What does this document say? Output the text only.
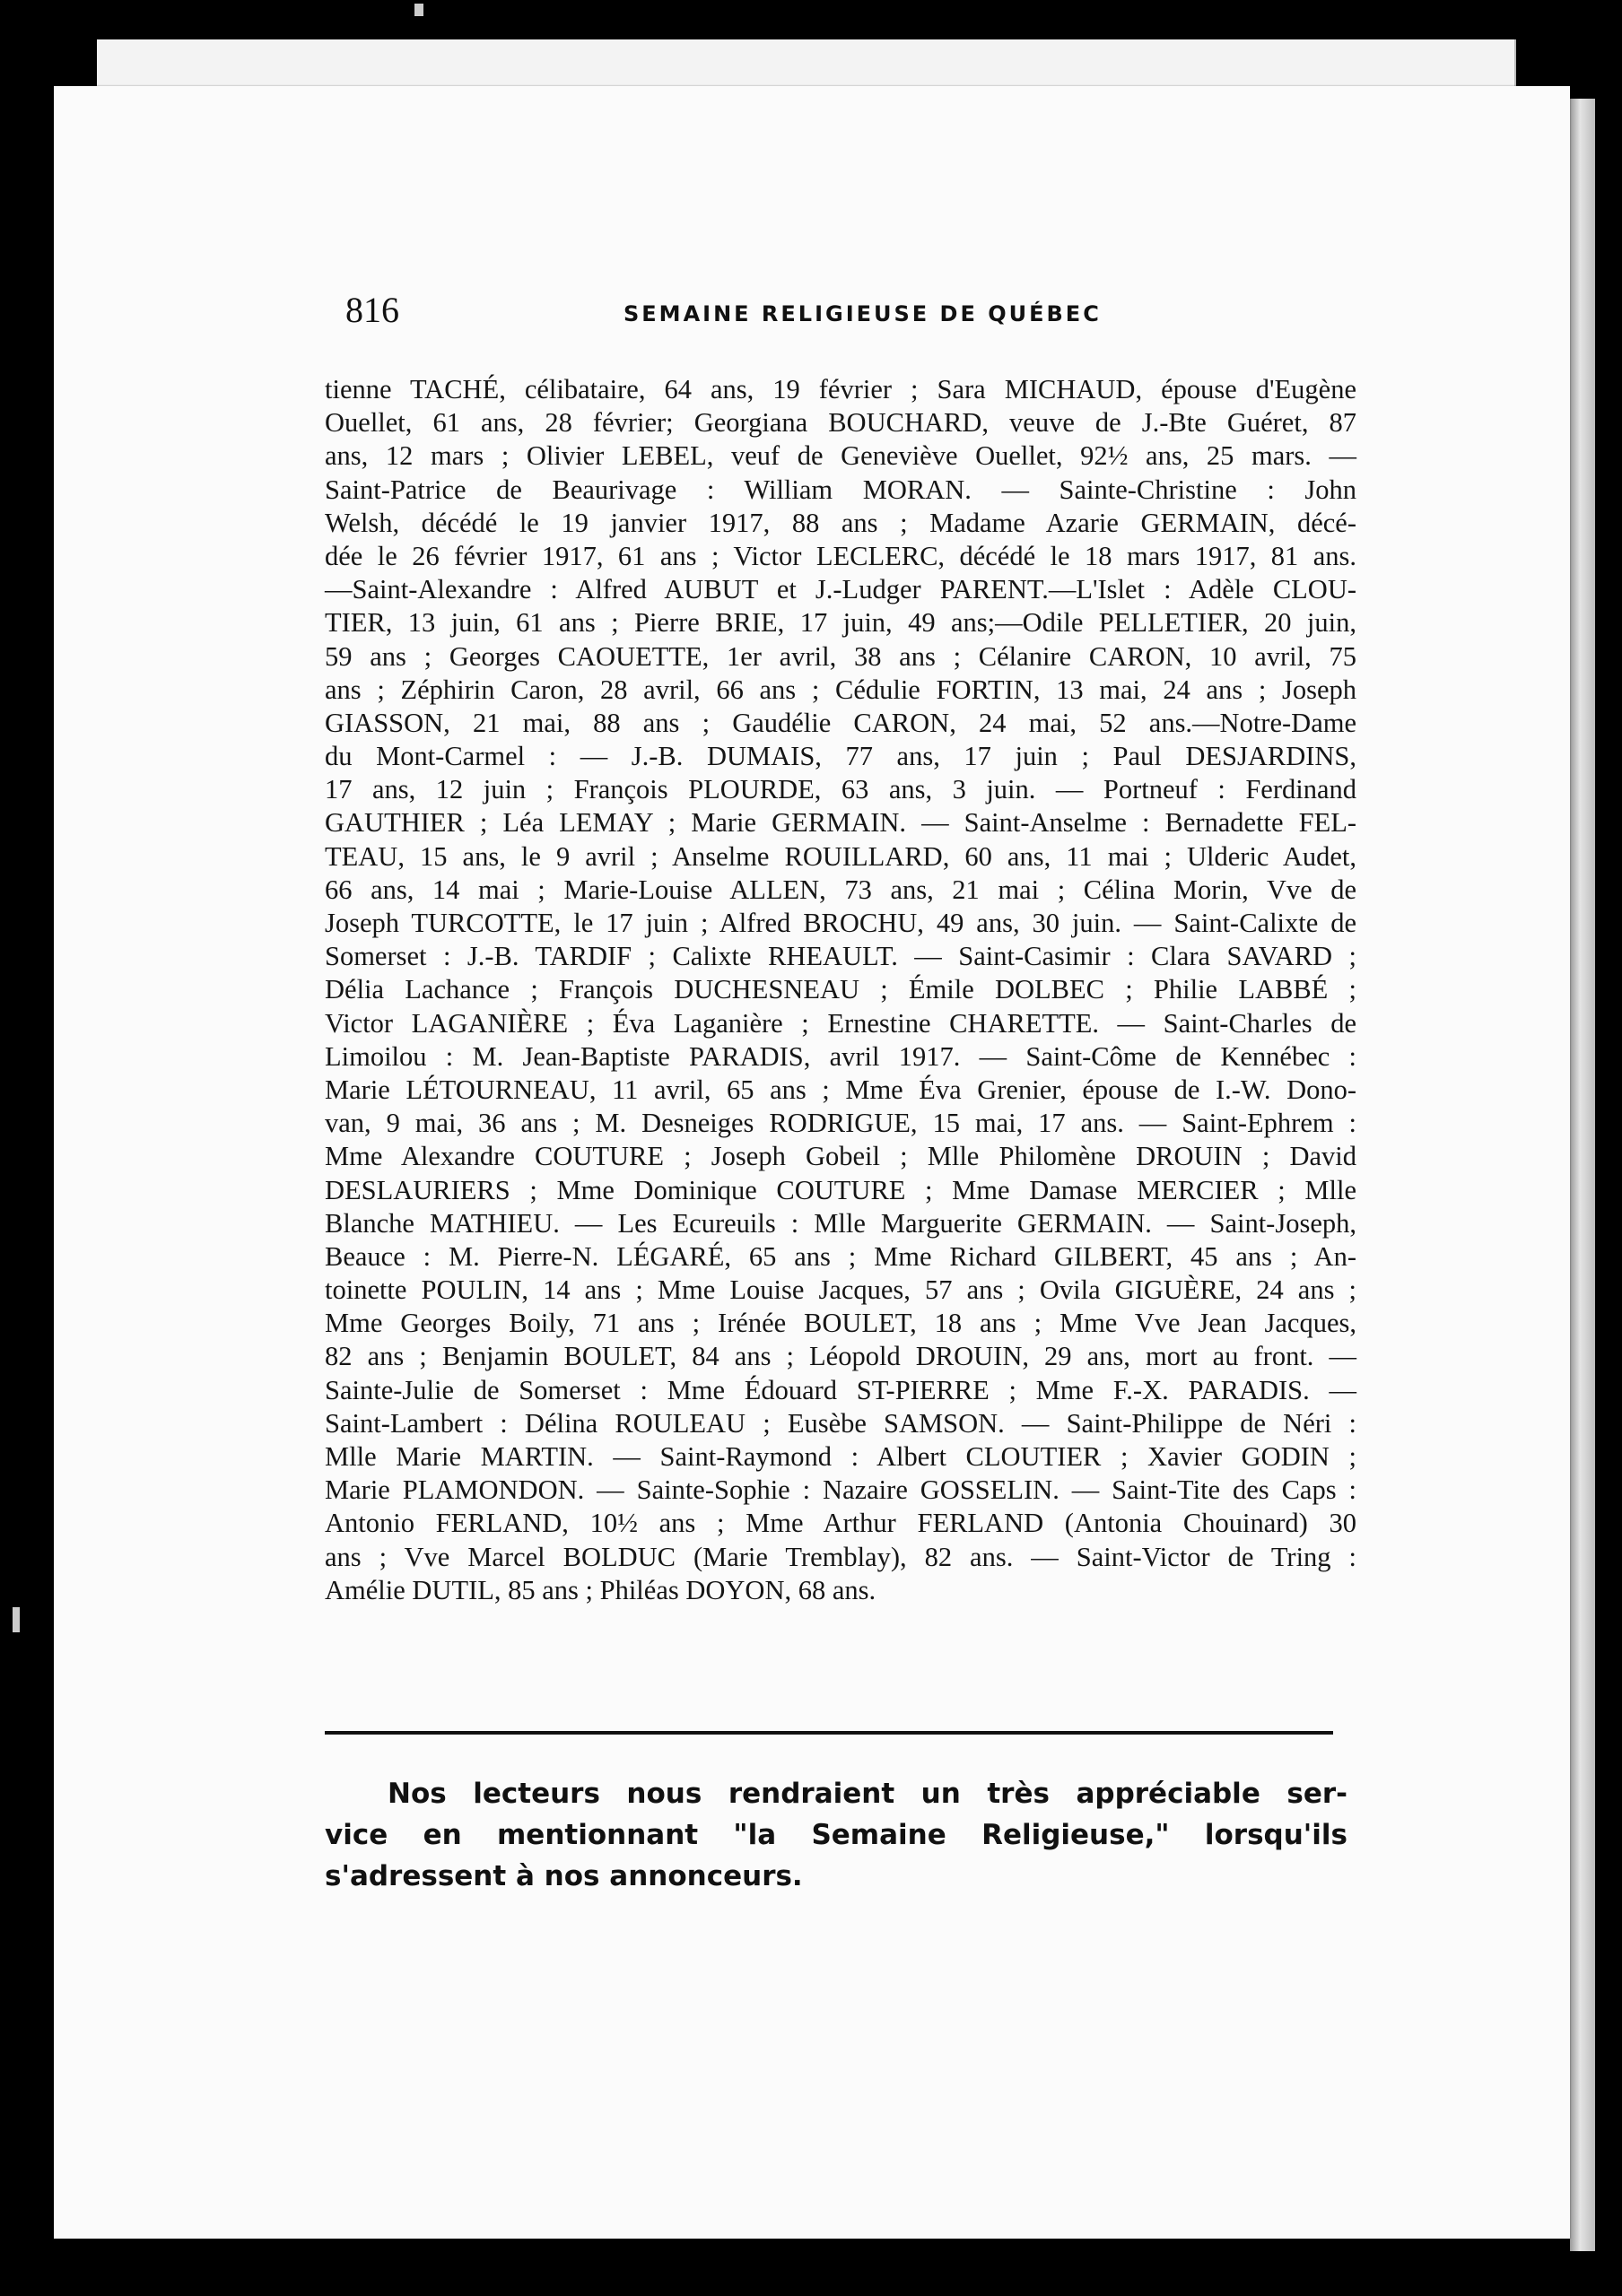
816	SEMAINE RELIGIEUSE DE QUÉBEC
tienne TACHÉ, célibataire, 64 ans, 19 février ; Sara MICHAUD, épouse d'Eugène
Ouellet, 61 ans, 28 février; Georgiana BOUCHARD, veuve de J.-Bte Guéret, 87
ans, 12 mars ; Olivier LEBEL, veuf de Geneviève Ouellet, 92½ ans, 25 mars. —
Saint-Patrice de Beaurivage : William MORAN. — Sainte-Christine : John
Welsh, décédé le 19 janvier 1917, 88 ans ; Madame Azarie GERMAIN, décé-
dée le 26 février 1917, 61 ans ; Victor LECLERC, décédé le 18 mars 1917, 81 ans.
—Saint-Alexandre : Alfred AUBUT et J.-Ludger PARENT.—L'Islet : Adèle CLOU-
TIER, 13 juin, 61 ans ; Pierre BRIE, 17 juin, 49 ans;—Odile PELLETIER, 20 juin,
59 ans ; Georges CAOUETTE, 1er avril, 38 ans ; Célanire CARON, 10 avril, 75
ans ; Zéphirin Caron, 28 avril, 66 ans ; Cédulie FORTIN, 13 mai, 24 ans ; Joseph
GIASSON, 21 mai, 88 ans ; Gaudélie CARON, 24 mai, 52 ans.—Notre-Dame
du Mont-Carmel : — J.-B. DUMAIS, 77 ans, 17 juin ; Paul DESJARDINS,
17 ans, 12 juin ; François PLOURDE, 63 ans, 3 juin. — Portneuf : Ferdinand
GAUTHIER ; Léa LEMAY ; Marie GERMAIN. — Saint-Anselme : Bernadette FEL-
TEAU, 15 ans, le 9 avril ; Anselme ROUILLARD, 60 ans, 11 mai ; Ulderic Audet,
66 ans, 14 mai ; Marie-Louise ALLEN, 73 ans, 21 mai ; Célina Morin, Vve de
Joseph TURCOTTE, le 17 juin ; Alfred BROCHU, 49 ans, 30 juin. — Saint-Calixte de
Somerset : J.-B. TARDIF ; Calixte RHEAULT. — Saint-Casimir : Clara SAVARD ;
Délia Lachance ; François DUCHESNEAU ; Émile DOLBEC ; Philie LABBÉ ;
Victor LAGANIÈRE ; Éva Laganière ; Ernestine CHARETTE. — Saint-Charles de
Limoilou : M. Jean-Baptiste PARADIS, avril 1917. — Saint-Côme de Kennébec :
Marie LÉTOURNEAU, 11 avril, 65 ans ; Mme Éva Grenier, épouse de I.-W. Dono-
van, 9 mai, 36 ans ; M. Desneiges RODRIGUE, 15 mai, 17 ans. — Saint-Ephrem :
Mme Alexandre COUTURE ; Joseph Gobeil ; Mlle Philomène DROUIN ; David
DESLAURIERS ; Mme Dominique COUTURE ; Mme Damase MERCIER ; Mlle
Blanche MATHIEU. — Les Ecureuils : Mlle Marguerite GERMAIN. — Saint-Joseph,
Beauce : M. Pierre-N. LÉGARÉ, 65 ans ; Mme Richard GILBERT, 45 ans ; An-
toinette POULIN, 14 ans ; Mme Louise Jacques, 57 ans ; Ovila GIGUÈRE, 24 ans ;
Mme Georges Boily, 71 ans ; Irénée BOULET, 18 ans ; Mme Vve Jean Jacques,
82 ans ; Benjamin BOULET, 84 ans ; Léopold DROUIN, 29 ans, mort au front. —
Sainte-Julie de Somerset : Mme Édouard ST-PIERRE ; Mme F.-X. PARADIS. —
Saint-Lambert : Délina ROULEAU ; Eusèbe SAMSON. — Saint-Philippe de Néri :
Mlle Marie MARTIN. — Saint-Raymond : Albert CLOUTIER ; Xavier GODIN ;
Marie PLAMONDON. — Sainte-Sophie : Nazaire GOSSELIN. — Saint-Tite des Caps :
Antonio FERLAND, 10½ ans ; Mme Arthur FERLAND (Antonia Chouinard) 30
ans ; Vve Marcel BOLDUC (Marie Tremblay), 82 ans. — Saint-Victor de Tring :
Amélie DUTIL, 85 ans ; Philéas DOYON, 68 ans.
Nos lecteurs nous rendraient un très appréciable ser-
vice en mentionnant "la Semaine Religieuse," lorsqu'ils
s'adressent à nos annonceurs.
